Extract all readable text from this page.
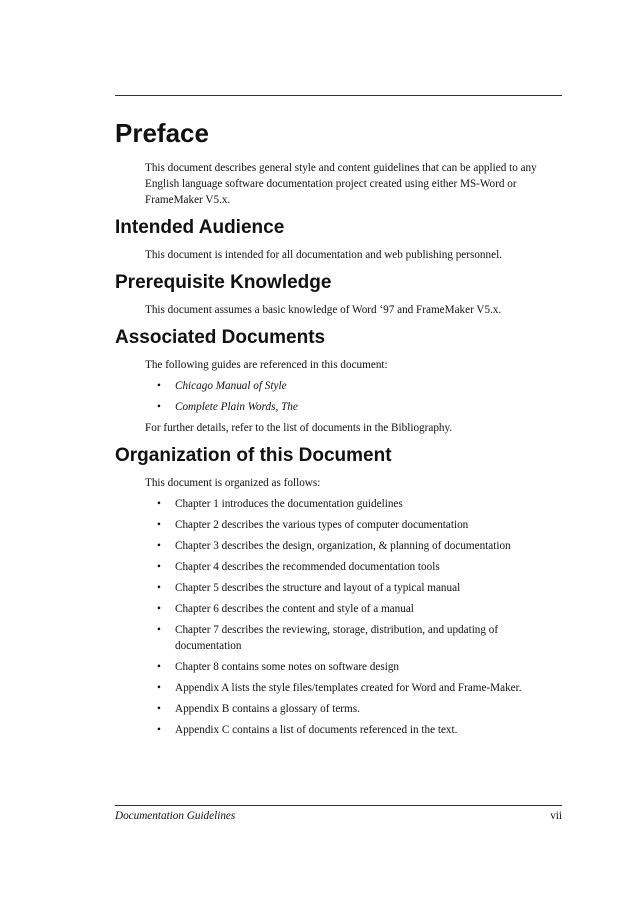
Preface

This document describes general style and content guidelines that can be applied to any English language software documentation project created using either MS-Word or FrameMaker V5.x.

Intended Audience

This document is intended for all documentation and web publishing personnel.

Prerequisite Knowledge

This document assumes a basic knowledge of Word ‘97 and FrameMaker V5.x.

Associated Documents

The following guides are referenced in this document:

• Chicago Manual of Style
• Complete Plain Words, The

For further details, refer to the list of documents in the Bibliography.

Organization of this Document

This document is organized as follows:

• Chapter 1 introduces the documentation guidelines
• Chapter 2 describes the various types of computer documentation
• Chapter 3 describes the design, organization, & planning of documentation
• Chapter 4 describes the recommended documentation tools
• Chapter 5 describes the structure and layout of a typical manual
• Chapter 6 describes the content and style of a manual
• Chapter 7 describes the reviewing, storage, distribution, and updating of documentation
• Chapter 8 contains some notes on software design
• Appendix A lists the style files/templates created for Word and Frame-Maker.
• Appendix B contains a glossary of terms.
• Appendix C contains a list of documents referenced in the text.
Documentation Guidelines	vii
